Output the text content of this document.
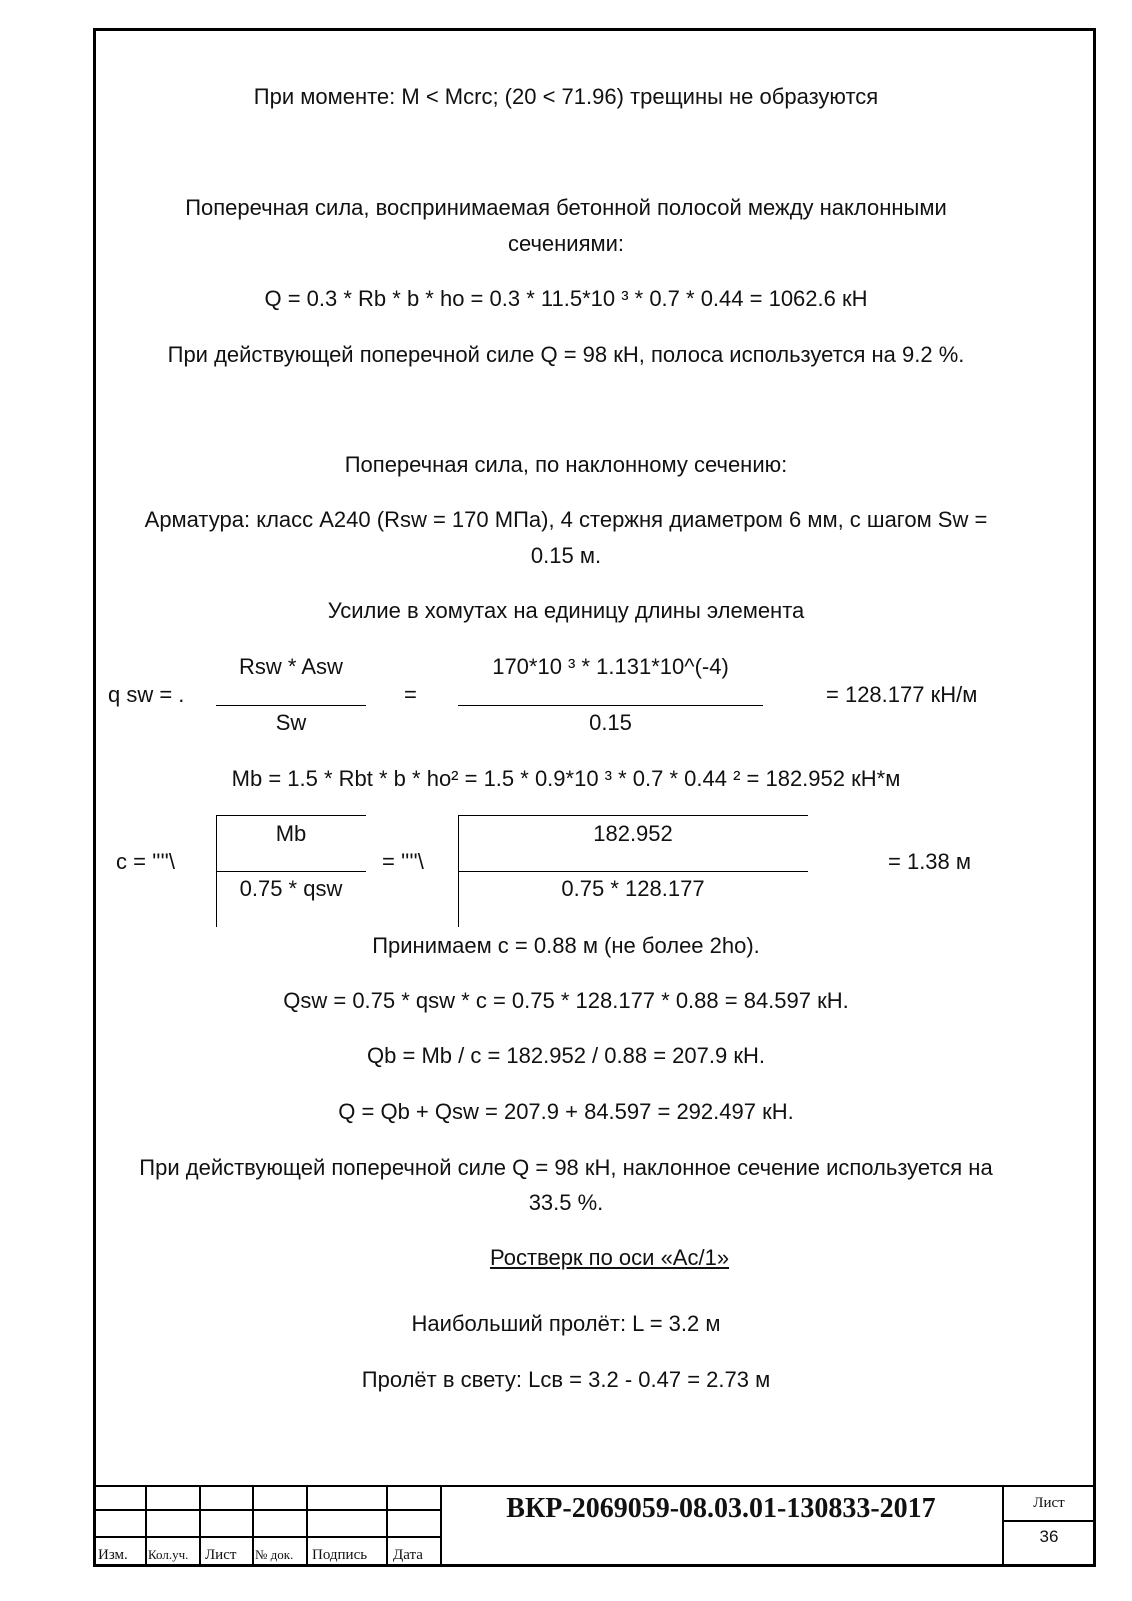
При моменте: M < Mcrc; (20 < 71.96) трещины не образуются
Поперечная сила, воспринимаемая бетонной полосой между наклонными
сечениями:
Q = 0.3 * Rb * b * ho = 0.3 * 11.5*10 ³ * 0.7 * 0.44 = 1062.6 кН
При действующей поперечной силе Q = 98 кН, полоса используется на 9.2 %.
Поперечная сила, по наклонному сечению:
Арматура: класс А240 (Rsw = 170 МПа), 4 стержня диаметром 6 мм, с шагом Sw =
0.15 м.
Усилие в хомутах на единицу длины элемента
q sw = .
Rsw * Asw
Sw
=
170*10 ³ * 1.131*10^(-4)
0.15
= 128.177 кН/м
Mb = 1.5 * Rbt * b * ho² = 1.5 * 0.9*10 ³ * 0.7 * 0.44 ² = 182.952 кН*м
c = ''''\
Mb
0.75 * qsw
= ''''\
182.952
0.75 * 128.177
= 1.38 м
Принимаем c = 0.88 м (не более 2ho).
Qsw = 0.75 * qsw * c = 0.75 * 128.177 * 0.88 = 84.597 кН.
Qb = Mb / c = 182.952 / 0.88 = 207.9 кН.
Q = Qb + Qsw = 207.9 + 84.597 = 292.497 кН.
При действующей поперечной силе Q = 98 кН, наклонное сечение используется на
33.5 %.
Ростверк по оси «Ас/1»
Наибольший пролёт: L = 3.2 м
Пролёт в свету: Lсв = 3.2 - 0.47 = 2.73 м
Изм. Кол.уч. Лист № док. Подпись Дата
ВКР-2069059-08.03.01-130833-2017	Лист
36
